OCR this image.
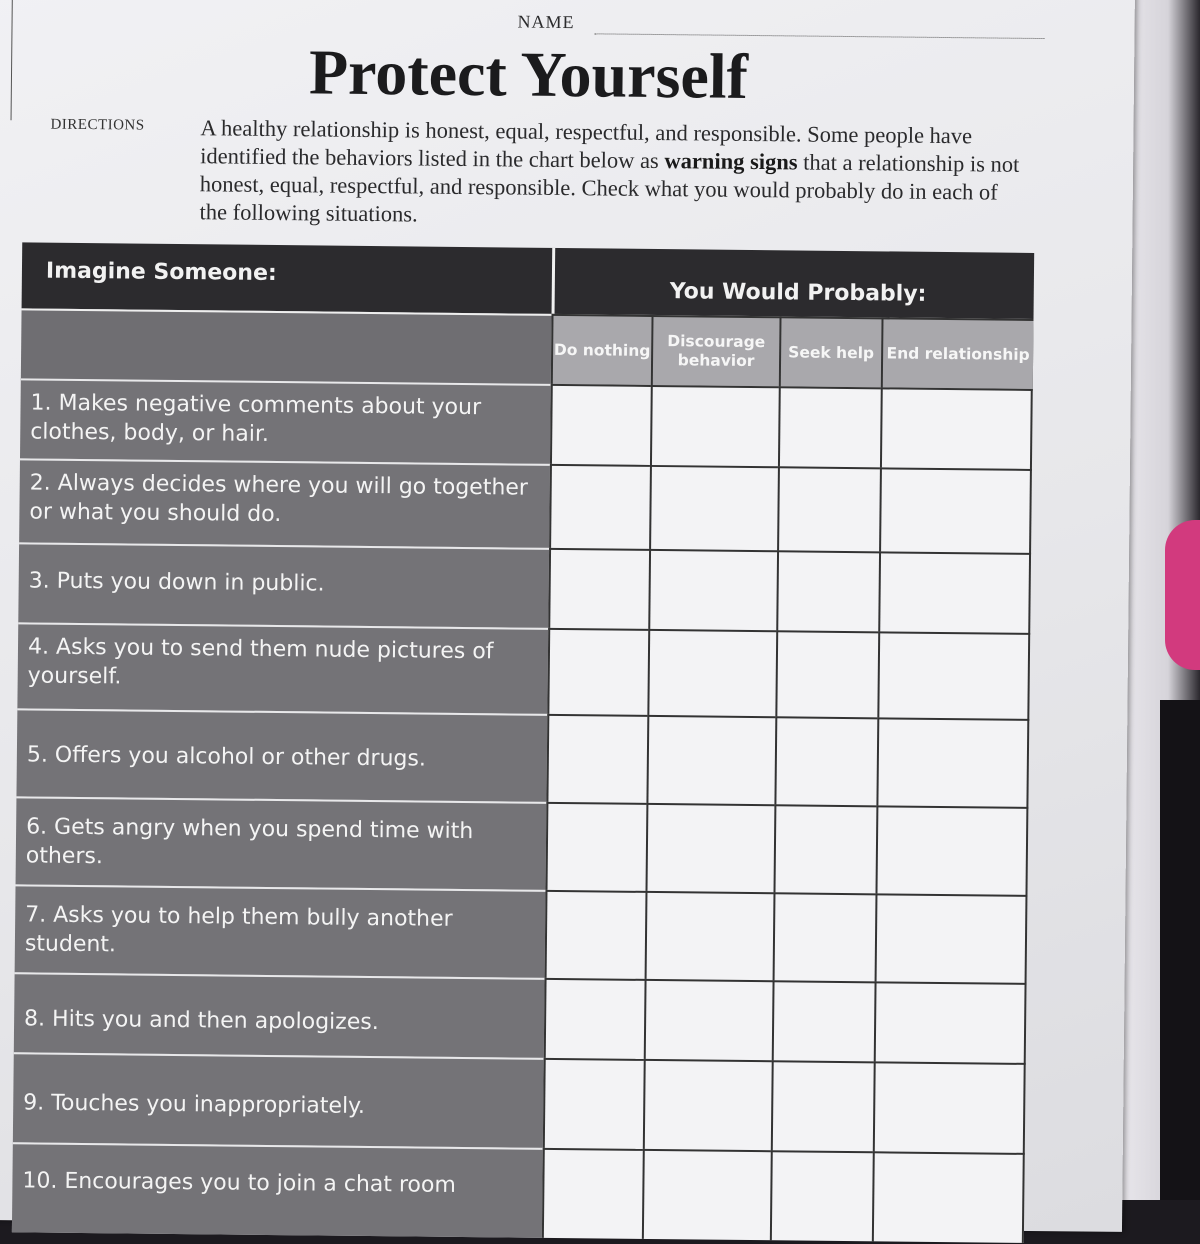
NAME
Protect Yourself
DIRECTIONS A healthy relationship is honest, equal, respectful, and responsible. Some people have identified the behaviors listed in the chart below as warning signs that a relationship is not honest, equal, respectful, and responsible. Check what you would probably do in each of the following situations.
Imagine Someone:
You Would Probably:
Do nothing	Discourage behavior	Seek help End relationship
1. Makes negative comments about your clothes, body, or hair.
2. Always decides where you will go together or what you should do.
3. Puts you down in public.
4. Asks you to send them nude pictures of yourself.
5. Offers you alcohol or other drugs.
6. Gets angry when you spend time with others.
7. Asks you to help them bully another student.
8. Hits you and then apologizes.
9. Touches you inappropriately.
10. Encourages you to join a chat room
